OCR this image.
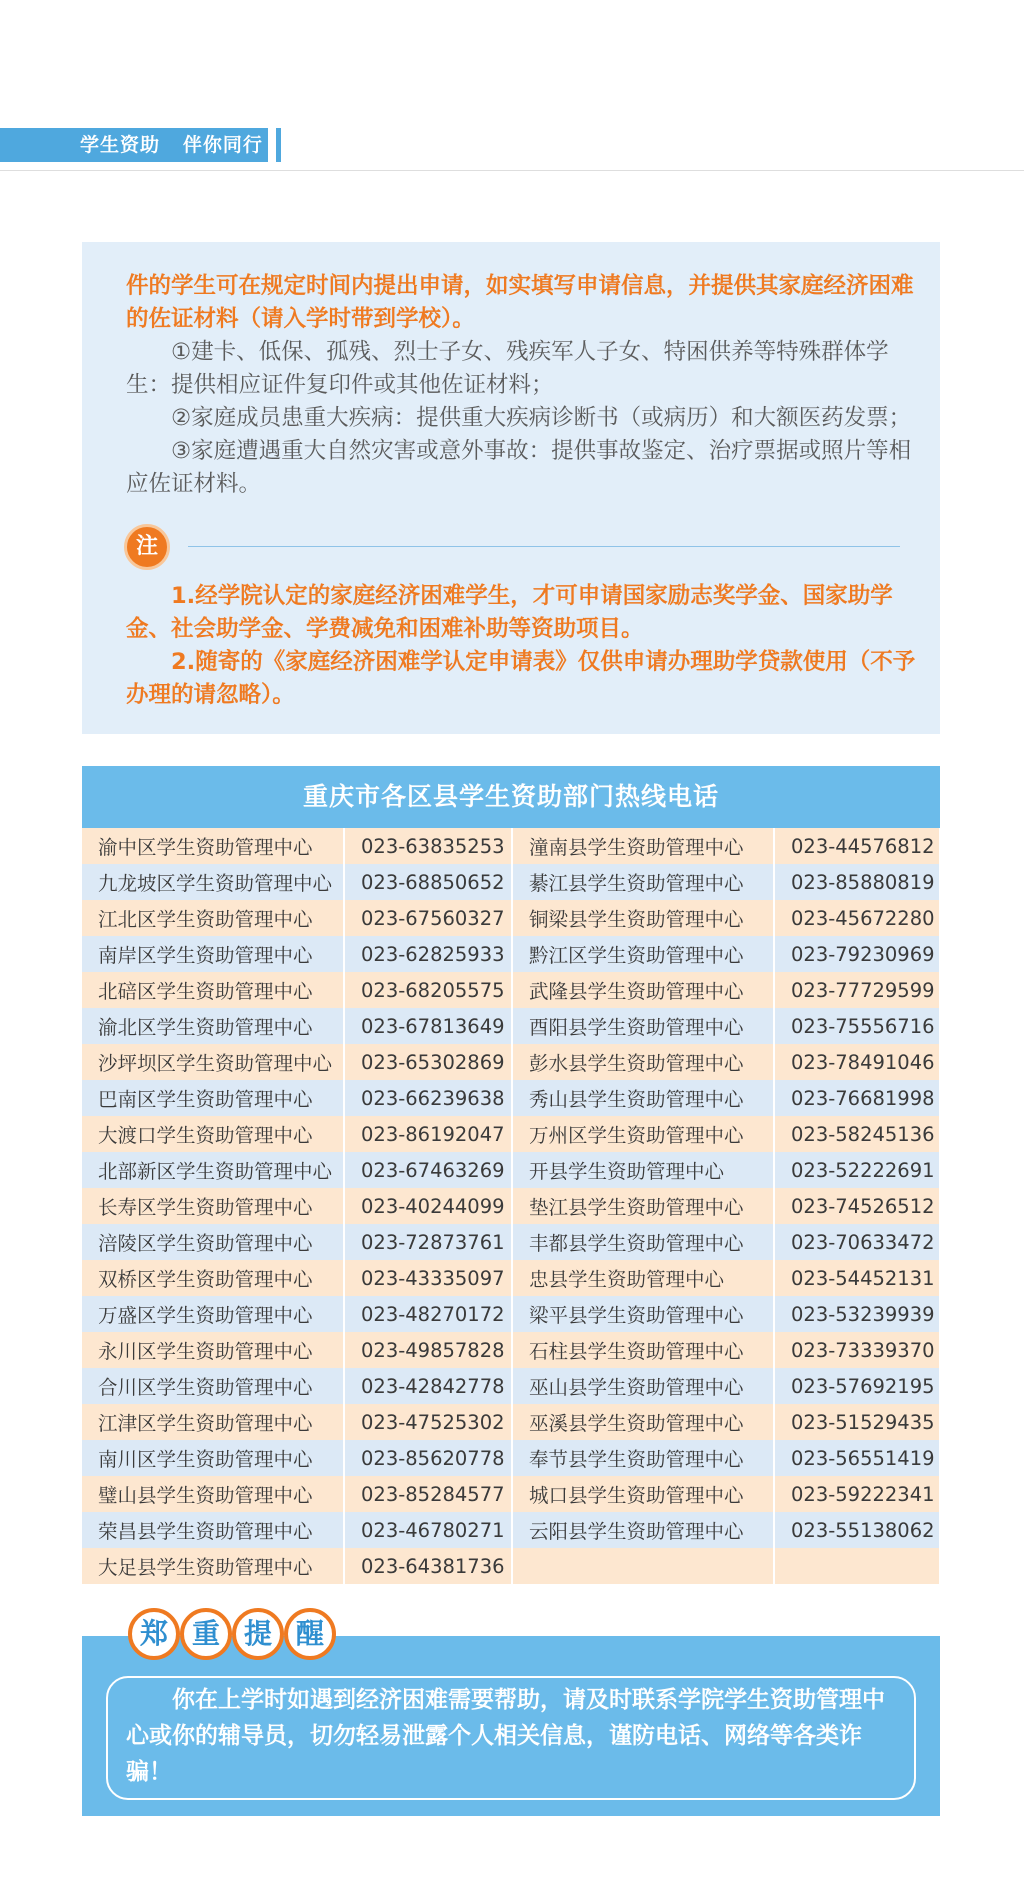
学生资助   伴你同行
件的学生可在规定时间内提出申请，如实填写申请信息，并提供其家庭经济困难的佐证材料（请入学时带到学校）。
①建卡、低保、孤残、烈士子女、残疾军人子女、特困供养等特殊群体学生：提供相应证件复印件或其他佐证材料；
②家庭成员患重大疾病：提供重大疾病诊断书（或病历）和大额医药发票；
③家庭遭遇重大自然灾害或意外事故：提供事故鉴定、治疗票据或照片等相应佐证材料。
注
1.经学院认定的家庭经济困难学生，才可申请国家励志奖学金、国家助学金、社会助学金、学费减免和困难补助等资助项目。
2.随寄的《家庭经济困难学认定申请表》仅供申请办理助学贷款使用（不予办理的请忽略）。
重庆市各区县学生资助部门热线电话
渝中区学生资助管理中心	023-63835253	潼南县学生资助管理中心	023-44576812
九龙坡区学生资助管理中心	023-68850652	綦江县学生资助管理中心	023-85880819
江北区学生资助管理中心	023-67560327	铜梁县学生资助管理中心	023-45672280
南岸区学生资助管理中心	023-62825933	黔江区学生资助管理中心	023-79230969
北碚区学生资助管理中心	023-68205575	武隆县学生资助管理中心	023-77729599
渝北区学生资助管理中心	023-67813649	酉阳县学生资助管理中心	023-75556716
沙坪坝区学生资助管理中心	023-65302869	彭水县学生资助管理中心	023-78491046
巴南区学生资助管理中心	023-66239638	秀山县学生资助管理中心	023-76681998
大渡口学生资助管理中心	023-86192047	万州区学生资助管理中心	023-58245136
北部新区学生资助管理中心	023-67463269	开县学生资助管理中心	023-52222691
长寿区学生资助管理中心	023-40244099	垫江县学生资助管理中心	023-74526512
涪陵区学生资助管理中心	023-72873761	丰都县学生资助管理中心	023-70633472
双桥区学生资助管理中心	023-43335097	忠县学生资助管理中心	023-54452131
万盛区学生资助管理中心	023-48270172	梁平县学生资助管理中心	023-53239939
永川区学生资助管理中心	023-49857828	石柱县学生资助管理中心	023-73339370
合川区学生资助管理中心	023-42842778	巫山县学生资助管理中心	023-57692195
江津区学生资助管理中心	023-47525302	巫溪县学生资助管理中心	023-51529435
南川区学生资助管理中心	023-85620778	奉节县学生资助管理中心	023-56551419
璧山县学生资助管理中心	023-85284577	城口县学生资助管理中心	023-59222341
荣昌县学生资助管理中心	023-46780271	云阳县学生资助管理中心	023-55138062
大足县学生资助管理中心	023-64381736		
郑 重 提 醒
你在上学时如遇到经济困难需要帮助，请及时联系学院学生资助管理中心或你的辅导员，切勿轻易泄露个人相关信息，谨防电话、网络等各类诈骗！
